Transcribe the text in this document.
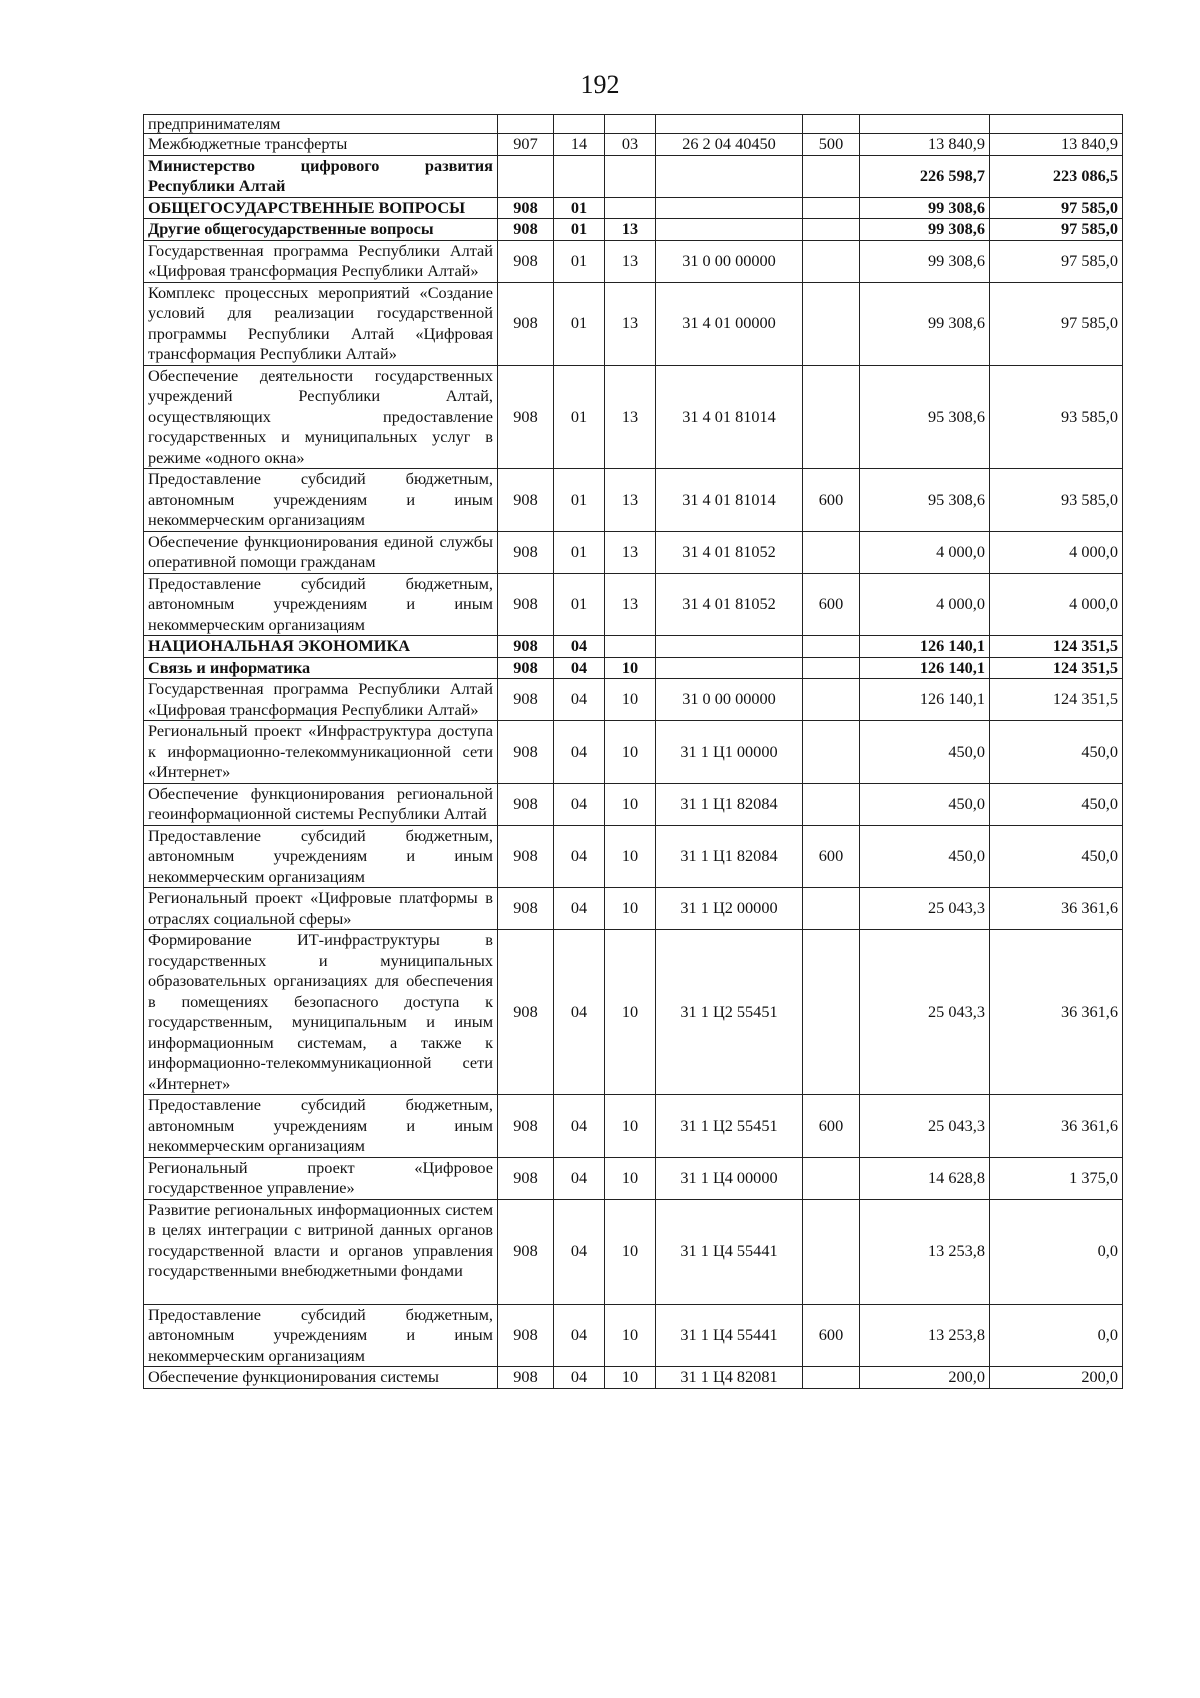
192
предпринимателям							
Межбюджетные трансферты	907	14	03	26 2 04 40450	500	13 840,9	13 840,9
Министерство цифрового развития Республики Алтай						226 598,7	223 086,5
ОБЩЕГОСУДАРСТВЕННЫЕ ВОПРОСЫ	908	01				99 308,6	97 585,0
Другие общегосударственные вопросы	908	01	13			99 308,6	97 585,0
Государственная программа Республики Алтай «Цифровая трансформация Республики Алтай»	908	01	13	31 0 00 00000		99 308,6	97 585,0
Комплекс процессных мероприятий «Создание условий для реализации государственной программы Республики Алтай «Цифровая трансформация Республики Алтай»	908	01	13	31 4 01 00000		99 308,6	97 585,0
Обеспечение деятельности государственных учреждений Республики Алтай, осуществляющих предоставление государственных и муниципальных услуг в режиме «одного окна»	908	01	13	31 4 01 81014		95 308,6	93 585,0
Предоставление субсидий бюджетным, автономным учреждениям и иным некоммерческим организациям	908	01	13	31 4 01 81014	600	95 308,6	93 585,0
Обеспечение функционирования единой службы оперативной помощи гражданам	908	01	13	31 4 01 81052		4 000,0	4 000,0
Предоставление субсидий бюджетным, автономным учреждениям и иным некоммерческим организациям	908	01	13	31 4 01 81052	600	4 000,0	4 000,0
НАЦИОНАЛЬНАЯ ЭКОНОМИКА	908	04				126 140,1	124 351,5
Связь и информатика	908	04	10			126 140,1	124 351,5
Государственная программа Республики Алтай «Цифровая трансформация Республики Алтай»	908	04	10	31 0 00 00000		126 140,1	124 351,5
Региональный проект «Инфраструктура доступа к информационно-телекоммуникационной сети «Интернет»	908	04	10	31 1 Ц1 00000		450,0	450,0
Обеспечение функционирования региональной геоинформационной системы Республики Алтай	908	04	10	31 1 Ц1 82084		450,0	450,0
Предоставление субсидий бюджетным, автономным учреждениям и иным некоммерческим организациям	908	04	10	31 1 Ц1 82084	600	450,0	450,0
Региональный проект «Цифровые платформы в отраслях социальной сферы»	908	04	10	31 1 Ц2 00000		25 043,3	36 361,6
Формирование ИТ-инфраструктуры в государственных и муниципальных образовательных организациях для обеспечения в помещениях безопасного доступа к государственным, муниципальным и иным информационным системам, а также к информационно-телекоммуникационной сети «Интернет»	908	04	10	31 1 Ц2 55451		25 043,3	36 361,6
Предоставление субсидий бюджетным, автономным учреждениям и иным некоммерческим организациям	908	04	10	31 1 Ц2 55451	600	25 043,3	36 361,6
Региональный проект «Цифровое государственное управление»	908	04	10	31 1 Ц4 00000		14 628,8	1 375,0
Развитие региональных информационных систем в целях интеграции с витриной данных органов государственной власти и органов управления государственными внебюджетными фондами	908	04	10	31 1 Ц4 55441		13 253,8	0,0
Предоставление субсидий бюджетным, автономным учреждениям и иным некоммерческим организациям	908	04	10	31 1 Ц4 55441	600	13 253,8	0,0
Обеспечение функционирования системы	908	04	10	31 1 Ц4 82081		200,0	200,0
